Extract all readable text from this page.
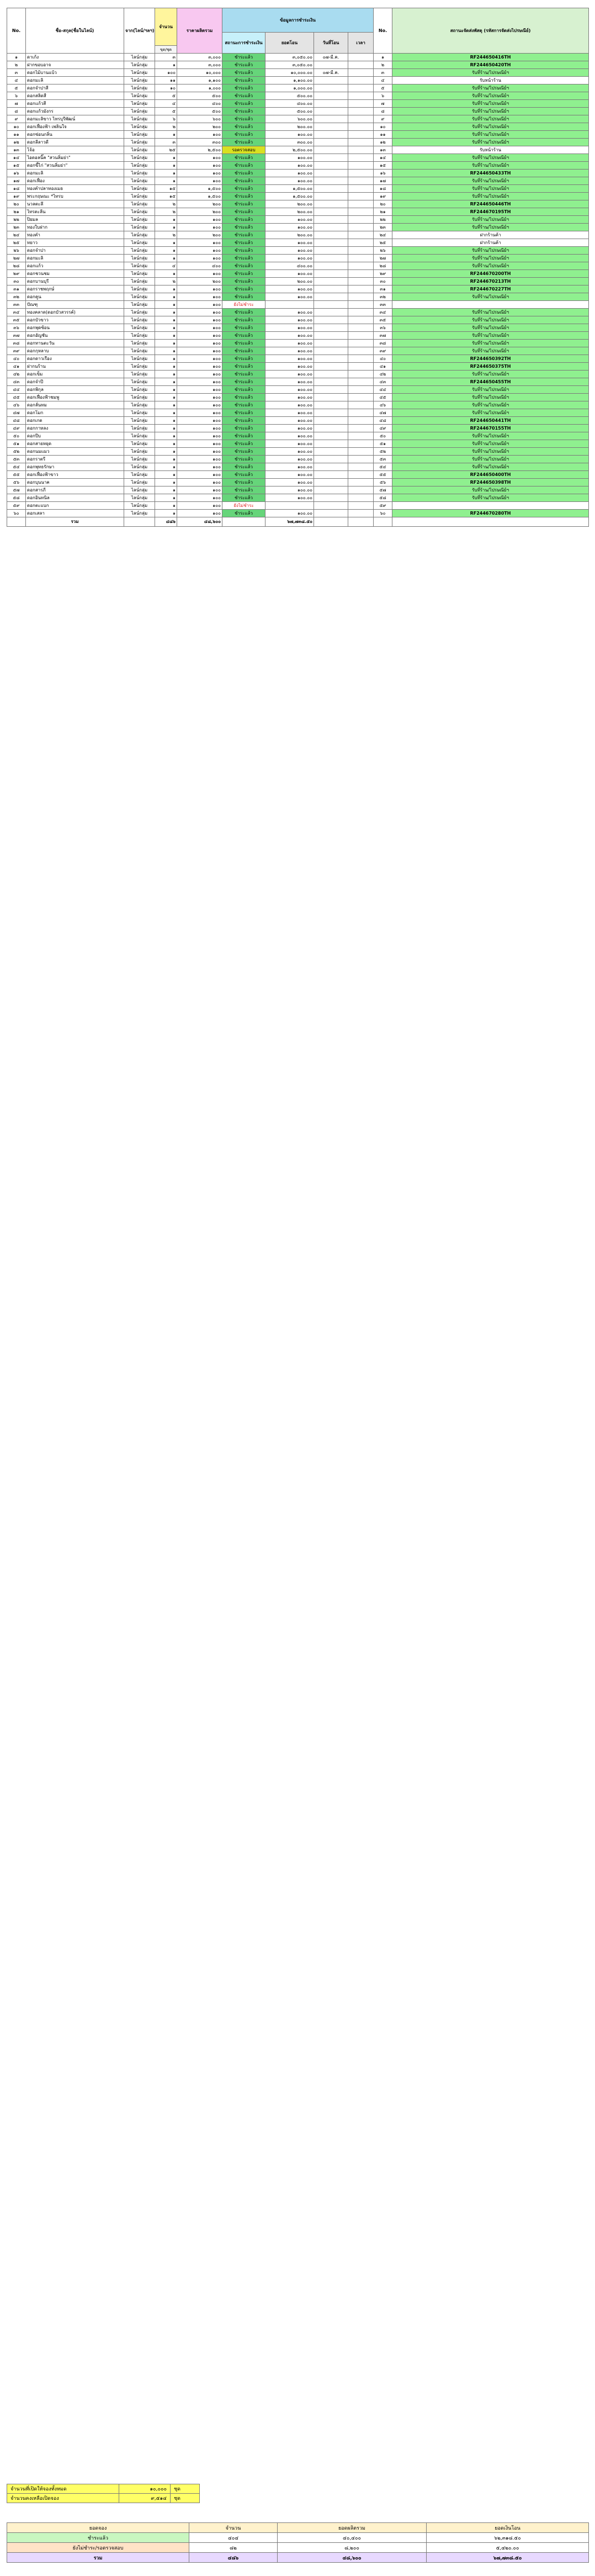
No.	ชื่อ-สกุล(ชื่อในไลน์)	จาก(ไลน์/ฯลฯ)	จำนวน	ราคาผลิตรวม	ข้อมูลการชำระเงิน				No.	สถานะจัดส่งพัสดุ (รหัสการจัดส่งไปรษณีย์)
					สถานะการชำระเงิน	ยอดโอน	วันที่โอน	เวลา		
			ขุด/ชุด							
๑	ดาเก้ง	ไลน์กลุ่ม	๓	๓,๐๐๐	ชำระแล้ว	๓,๐๕๐.๐๐	๐๗-มี.ค.		๑	RF244650416TH
๒	ฝากขอบอาจ	ไลน์กลุ่ม	๑	๓,๐๐๐	ชำระแล้ว	๓,๐๕๐.๐๐			๒	RF244650420TH
๓	ดอกไม้บานแบ้ว	ไลน์กลุ่ม	๑๐๐	๑๐,๐๐๐	ชำระแล้ว	๑๐,๐๐๐.๐๐	๐๗-มี.ค.		๓	รับที่ร้าน/ไปรษณีย์ฯ
๔	ดอกมะลิ	ไลน์กลุ่ม	๑๑	๑,๑๐๐	ชำระแล้ว	๑,๑๐๐.๐๐			๔	รับหน้าร้าน
๕	ดอกจำปาสี	ไลน์กลุ่ม	๑๐	๑,๐๐๐	ชำระแล้ว	๑,๐๐๐.๐๐			๕	รับที่ร้าน/ไปรษณีย์ฯ
๖	ดอกสลิดสี	ไลน์กลุ่ม	๕	๕๐๐	ชำระแล้ว	๕๐๐.๐๐			๖	รับที่ร้าน/ไปรษณีย์ฯ
๗	ดอกแก้วสี	ไลน์กลุ่ม	๔	๔๐๐	ชำระแล้ว	๔๐๐.๐๐			๗	รับที่ร้าน/ไปรษณีย์ฯ
๘	ดอกแก้วมังกร	ไลน์กลุ่ม	๕	๕๐๐	ชำระแล้ว	๕๐๐.๐๐			๘	รับที่ร้าน/ไปรษณีย์ฯ
๙	ดอกมะลิขาว ไทรบุรีพัฒน์	ไลน์กลุ่ม	๖	๖๐๐	ชำระแล้ว	๖๐๐.๐๐			๙	รับที่ร้าน/ไปรษณีย์ฯ
๑๐	ดอกเฟื่องฟ้า เพลินใจ	ไลน์กลุ่ม	๒	๒๐๐	ชำระแล้ว	๒๐๐.๐๐			๑๐	รับที่ร้าน/ไปรษณีย์ฯ
๑๑	ดอกซ่อนกลิ่น	ไลน์กลุ่ม	๑	๑๐๐	ชำระแล้ว	๑๐๐.๐๐			๑๑	รับที่ร้าน/ไปรษณีย์ฯ
๑๒	ดอกลีลาวดี	ไลน์กลุ่ม	๓	๓๐๐	ชำระแล้ว	๓๐๐.๐๐			๑๒	รับที่ร้าน/ไปรษณีย์ฯ
๑๓	โจ้อ	ไลน์กลุ่ม	๒๕	๒,๕๐๐	รอตรวจสอบ	๒,๕๐๐.๐๐			๑๓	รับหน้าร้าน
๑๔	ไอดอลนิ๊ค "สวนลิ่มย่า"	ไลน์กลุ่ม	๑	๑๐๐	ชำระแล้ว	๑๐๐.๐๐			๑๔	รับที่ร้าน/ไปรษณีย์ฯ
๑๕	ดอกขี้ไก่ "สวนลิ่มย่า"	ไลน์กลุ่ม	๑	๑๐๐	ชำระแล้ว	๑๐๐.๐๐			๑๕	รับที่ร้าน/ไปรษณีย์ฯ
๑๖	ดอกมะลิ	ไลน์กลุ่ม	๑	๑๐๐	ชำระแล้ว	๑๐๐.๐๐			๑๖	RF244650433TH
๑๗	ดอกเฟื่อง	ไลน์กลุ่ม	๑	๑๐๐	ชำระแล้ว	๑๐๐.๐๐			๑๗	รับที่ร้าน/ไปรษณีย์ฯ
๑๘	ทองคำปลาทองเมธ	ไลน์กลุ่ม	๑๕	๑,๕๐๐	ชำระแล้ว	๑,๕๐๐.๐๐			๑๘	รับที่ร้าน/ไปรษณีย์ฯ
๑๙	พระกฤษณะ *ไทรบ	ไลน์กลุ่ม	๑๕	๑,๕๐๐	ชำระแล้ว	๑,๕๐๐.๐๐			๑๙	รับที่ร้าน/ไปรษณีย์ฯ
๒๐	นวลตะลึ	ไลน์กลุ่ม	๒	๒๐๐	ชำระแล้ว	๒๐๐.๐๐			๒๐	RF244650446TH
๒๑	ไทรตะลีน	ไลน์กลุ่ม	๒	๒๐๐	ชำระแล้ว	๒๐๐.๐๐			๒๑	RF244670195TH
๒๒	ปิยมล	ไลน์กลุ่ม	๑	๑๐๐	ชำระแล้ว	๑๐๐.๐๐			๒๒	รับที่ร้าน/ไปรษณีย์ฯ
๒๓	ทองใบฝาก	ไลน์กลุ่ม	๑	๑๐๐	ชำระแล้ว	๑๐๐.๐๐			๒๓	รับที่ร้าน/ไปรษณีย์ฯ
๒๔	ทองคำ	ไลน์กลุ่ม	๒	๒๐๐	ชำระแล้ว	๒๐๐.๐๐			๒๔	ฝากร้านค้า
๒๕	ทยาว	ไลน์กลุ่ม	๑	๑๐๐	ชำระแล้ว	๑๐๐.๐๐			๒๕	ฝากร้านค้า
๒๖	ดอกจำปา	ไลน์กลุ่ม	๑	๑๐๐	ชำระแล้ว	๑๐๐.๐๐			๒๖	รับที่ร้าน/ไปรษณีย์ฯ
๒๗	ดอกมะลิ	ไลน์กลุ่ม	๑	๑๐๐	ชำระแล้ว	๑๐๐.๐๐			๒๗	รับที่ร้าน/ไปรษณีย์ฯ
๒๘	ดอกแก้ว	ไลน์กลุ่ม	๔	๔๐๐	ชำระแล้ว	๔๐๐.๐๐			๒๘	รับที่ร้าน/ไปรษณีย์ฯ
๒๙	ดอกชวนชม	ไลน์กลุ่ม	๑	๑๐๐	ชำระแล้ว	๑๐๐.๐๐			๒๙	RF244670200TH
๓๐	ดอกบานบุรี	ไลน์กลุ่ม	๒	๒๐๐	ชำระแล้ว	๒๐๐.๐๐			๓๐	RF244670213TH
๓๑	ดอกราชพฤกษ์	ไลน์กลุ่ม	๑	๑๐๐	ชำระแล้ว	๑๐๐.๐๐			๓๑	RF244670227TH
๓๒	ดอกคูน	ไลน์กลุ่ม	๑	๑๐๐	ชำระแล้ว	๑๐๐.๐๐			๓๒	รับที่ร้าน/ไปรษณีย์ฯ
๓๓	ปัณฑุ	ไลน์กลุ่ม	๑	๑๐๐	ยังไม่ชำระ				๓๓	
๓๔	ทองคลาด(ดอกบัวสวรรค์)	ไลน์กลุ่ม	๑	๑๐๐	ชำระแล้ว	๑๐๐.๐๐			๓๔	รับที่ร้าน/ไปรษณีย์ฯ
๓๕	ดอกบัวขาว	ไลน์กลุ่ม	๑	๑๐๐	ชำระแล้ว	๑๐๐.๐๐			๓๕	รับที่ร้าน/ไปรษณีย์ฯ
๓๖	ดอกพุดซ้อน	ไลน์กลุ่ม	๑	๑๐๐	ชำระแล้ว	๑๐๐.๐๐			๓๖	รับที่ร้าน/ไปรษณีย์ฯ
๓๗	ดอกอัญชัน	ไลน์กลุ่ม	๑	๑๐๐	ชำระแล้ว	๑๐๐.๐๐			๓๗	รับที่ร้าน/ไปรษณีย์ฯ
๓๘	ดอกทานตะวัน	ไลน์กลุ่ม	๑	๑๐๐	ชำระแล้ว	๑๐๐.๐๐			๓๘	รับที่ร้าน/ไปรษณีย์ฯ
๓๙	ดอกกุหลาบ	ไลน์กลุ่ม	๑	๑๐๐	ชำระแล้ว	๑๐๐.๐๐			๓๙	รับที่ร้าน/ไปรษณีย์ฯ
๔๐	ดอกดาวเรือง	ไลน์กลุ่ม	๑	๑๐๐	ชำระแล้ว	๑๐๐.๐๐			๔๐	RF244650392TH
๔๑	ฝากนร้าน	ไลน์กลุ่ม	๑	๑๐๐	ชำระแล้ว	๑๐๐.๐๐			๔๑	RF244650375TH
๔๒	ดอกเข็ม	ไลน์กลุ่ม	๑	๑๐๐	ชำระแล้ว	๑๐๐.๐๐			๔๒	รับที่ร้าน/ไปรษณีย์ฯ
๔๓	ดอกจำปี	ไลน์กลุ่ม	๑	๑๐๐	ชำระแล้ว	๑๐๐.๐๐			๔๓	RF244650455TH
๔๔	ดอกพิกุล	ไลน์กลุ่ม	๑	๑๐๐	ชำระแล้ว	๑๐๐.๐๐			๔๔	รับที่ร้าน/ไปรษณีย์ฯ
๔๕	ดอกเฟื่องฟ้าชมพู	ไลน์กลุ่ม	๑	๑๐๐	ชำระแล้ว	๑๐๐.๐๐			๔๕	รับที่ร้าน/ไปรษณีย์ฯ
๔๖	ดอกลั่นทม	ไลน์กลุ่ม	๑	๑๐๐	ชำระแล้ว	๑๐๐.๐๐			๔๖	รับที่ร้าน/ไปรษณีย์ฯ
๔๗	ดอกโมก	ไลน์กลุ่ม	๑	๑๐๐	ชำระแล้ว	๑๐๐.๐๐			๔๗	รับที่ร้าน/ไปรษณีย์ฯ
๔๘	ดอกเกด	ไลน์กลุ่ม	๑	๑๐๐	ชำระแล้ว	๑๐๐.๐๐			๔๘	RF244650441TH
๔๙	ดอกกาหลง	ไลน์กลุ่ม	๑	๑๐๐	ชำระแล้ว	๑๐๐.๐๐			๔๙	RF244670155TH
๕๐	ดอกปีบ	ไลน์กลุ่ม	๑	๑๐๐	ชำระแล้ว	๑๐๐.๐๐			๕๐	รับที่ร้าน/ไปรษณีย์ฯ
๕๑	ดอกสายหยุด	ไลน์กลุ่ม	๑	๑๐๐	ชำระแล้ว	๑๐๐.๐๐			๕๑	รับที่ร้าน/ไปรษณีย์ฯ
๕๒	ดอกนมแมว	ไลน์กลุ่ม	๑	๑๐๐	ชำระแล้ว	๑๐๐.๐๐			๕๒	รับที่ร้าน/ไปรษณีย์ฯ
๕๓	ดอกราตรี	ไลน์กลุ่ม	๑	๑๐๐	ชำระแล้ว	๑๐๐.๐๐			๕๓	รับที่ร้าน/ไปรษณีย์ฯ
๕๔	ดอกพุทธรักษา	ไลน์กลุ่ม	๑	๑๐๐	ชำระแล้ว	๑๐๐.๐๐			๕๔	รับที่ร้าน/ไปรษณีย์ฯ
๕๕	ดอกเฟื่องฟ้าขาว	ไลน์กลุ่ม	๑	๑๐๐	ชำระแล้ว	๑๐๐.๐๐			๕๕	RF244650400TH
๕๖	ดอกบุนนาค	ไลน์กลุ่ม	๑	๑๐๐	ชำระแล้ว	๑๐๐.๐๐			๕๖	RF244650398TH
๕๗	ดอกสารภี	ไลน์กลุ่ม	๑	๑๐๐	ชำระแล้ว	๑๐๐.๐๐			๕๗	รับที่ร้าน/ไปรษณีย์ฯ
๕๘	ดอกอินทนิล	ไลน์กลุ่ม	๑	๑๐๐	ชำระแล้ว	๑๐๐.๐๐			๕๘	รับที่ร้าน/ไปรษณีย์ฯ
๕๙	ดอกตะแบก	ไลน์กลุ่ม	๑	๑๐๐	ยังไม่ชำระ				๕๙	
๖๐	ดอกเสลา	ไลน์กลุ่ม	๑	๑๐๐	ชำระแล้ว	๑๐๐.๐๐			๖๐	RF244670280TH
	รวม		๔๘๖	๔๘,๖๐๐		๖๗,๗๓๘.๕๐				
จำนวนที่เปิดให้จองทั้งหมด	๑๐,๐๐๐	ชุด
จำนวนคงเหลือเปิดจอง	๙,๕๑๔	ชุด
ยอดจอง	จำนวน	ยอดผลิตรวม	ยอดเงินโอน
ชำระแล้ว	๔๐๔	๔๐,๔๐๐	๖๒,๓๑๘.๕๐
ยังไม่ชำระ/รอตรวจสอบ	๘๒	๘,๒๐๐	๕,๔๒๐.๐๐
รวม	๔๘๖	๔๘,๖๐๐	๖๗,๗๓๘.๕๐
